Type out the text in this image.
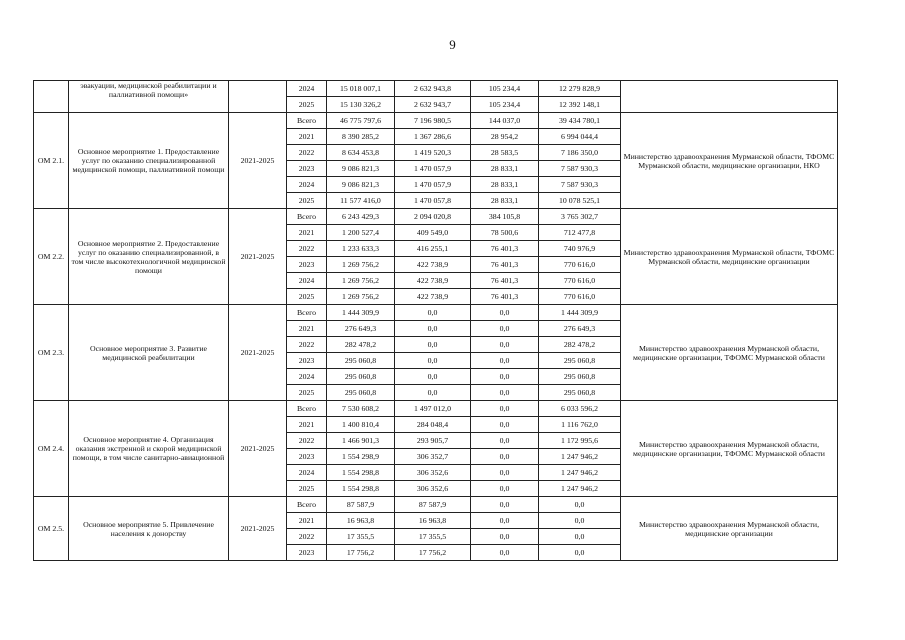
9
	эвакуации, медицинской реабилитации и паллиативной помощи»		2024	15 018 007,1	2 632 943,8	105 234,4	12 279 828,9	
			2025	15 130 326,2	2 632 943,7	105 234,4	12 392 148,1	
ОМ 2.1.	Основное мероприятие 1. Предоставление услуг по оказанию специализированной медицинской помощи, паллиативной помощи	2021-2025	Всего	46 775 797,6	7 196 980,5	144 037,0	39 434 780,1	Министерство здравоохранения Мурманской области, ТФОМС Мурманской области, медицинские организации, НКО
			2021	8 390 285,2	1 367 286,6	28 954,2	6 994 044,4	
			2022	8 634 453,8	1 419 520,3	28 583,5	7 186 350,0	
			2023	9 086 821,3	1 470 057,9	28 833,1	7 587 930,3	
			2024	9 086 821,3	1 470 057,9	28 833,1	7 587 930,3	
			2025	11 577 416,0	1 470 057,8	28 833,1	10 078 525,1	
ОМ 2.2.	Основное мероприятие 2. Предоставление услуг по оказанию специализированной, в том числе высокотехнологичной медицинской помощи	2021-2025	Всего	6 243 429,3	2 094 020,8	384 105,8	3 765 302,7	Министерство здравоохранения Мурманской области, ТФОМС Мурманской области, медицинские организации
			2021	1 200 527,4	409 549,0	78 500,6	712 477,8	
			2022	1 233 633,3	416 255,1	76 401,3	740 976,9	
			2023	1 269 756,2	422 738,9	76 401,3	770 616,0	
			2024	1 269 756,2	422 738,9	76 401,3	770 616,0	
			2025	1 269 756,2	422 738,9	76 401,3	770 616,0	
ОМ 2.3.	Основное мероприятие 3. Развитие медицинской реабилитации	2021-2025	Всего	1 444 309,9	0,0	0,0	1 444 309,9	Министерство здравоохранения Мурманской области, медицинские организации, ТФОМС Мурманской области
			2021	276 649,3	0,0	0,0	276 649,3	
			2022	282 478,2	0,0	0,0	282 478,2	
			2023	295 060,8	0,0	0,0	295 060,8	
			2024	295 060,8	0,0	0,0	295 060,8	
			2025	295 060,8	0,0	0,0	295 060,8	
ОМ 2.4.	Основное мероприятие 4. Организация оказания экстренной и скорой медицинской помощи, в том числе санитарно-авиационной	2021-2025	Всего	7 530 608,2	1 497 012,0	0,0	6 033 596,2	Министерство здравоохранения Мурманской области, медицинские организации, ТФОМС Мурманской области
			2021	1 400 810,4	284 048,4	0,0	1 116 762,0	
			2022	1 466 901,3	293 905,7	0,0	1 172 995,6	
			2023	1 554 298,9	306 352,7	0,0	1 247 946,2	
			2024	1 554 298,8	306 352,6	0,0	1 247 946,2	
			2025	1 554 298,8	306 352,6	0,0	1 247 946,2	
ОМ 2.5.	Основное мероприятие 5. Привлечение населения к донорству	2021-2025	Всего	87 587,9	87 587,9	0,0	0,0	Министерство здравоохранения Мурманской области, медицинские организации
			2021	16 963,8	16 963,8	0,0	0,0	
			2022	17 355,5	17 355,5	0,0	0,0	
			2023	17 756,2	17 756,2	0,0	0,0	
